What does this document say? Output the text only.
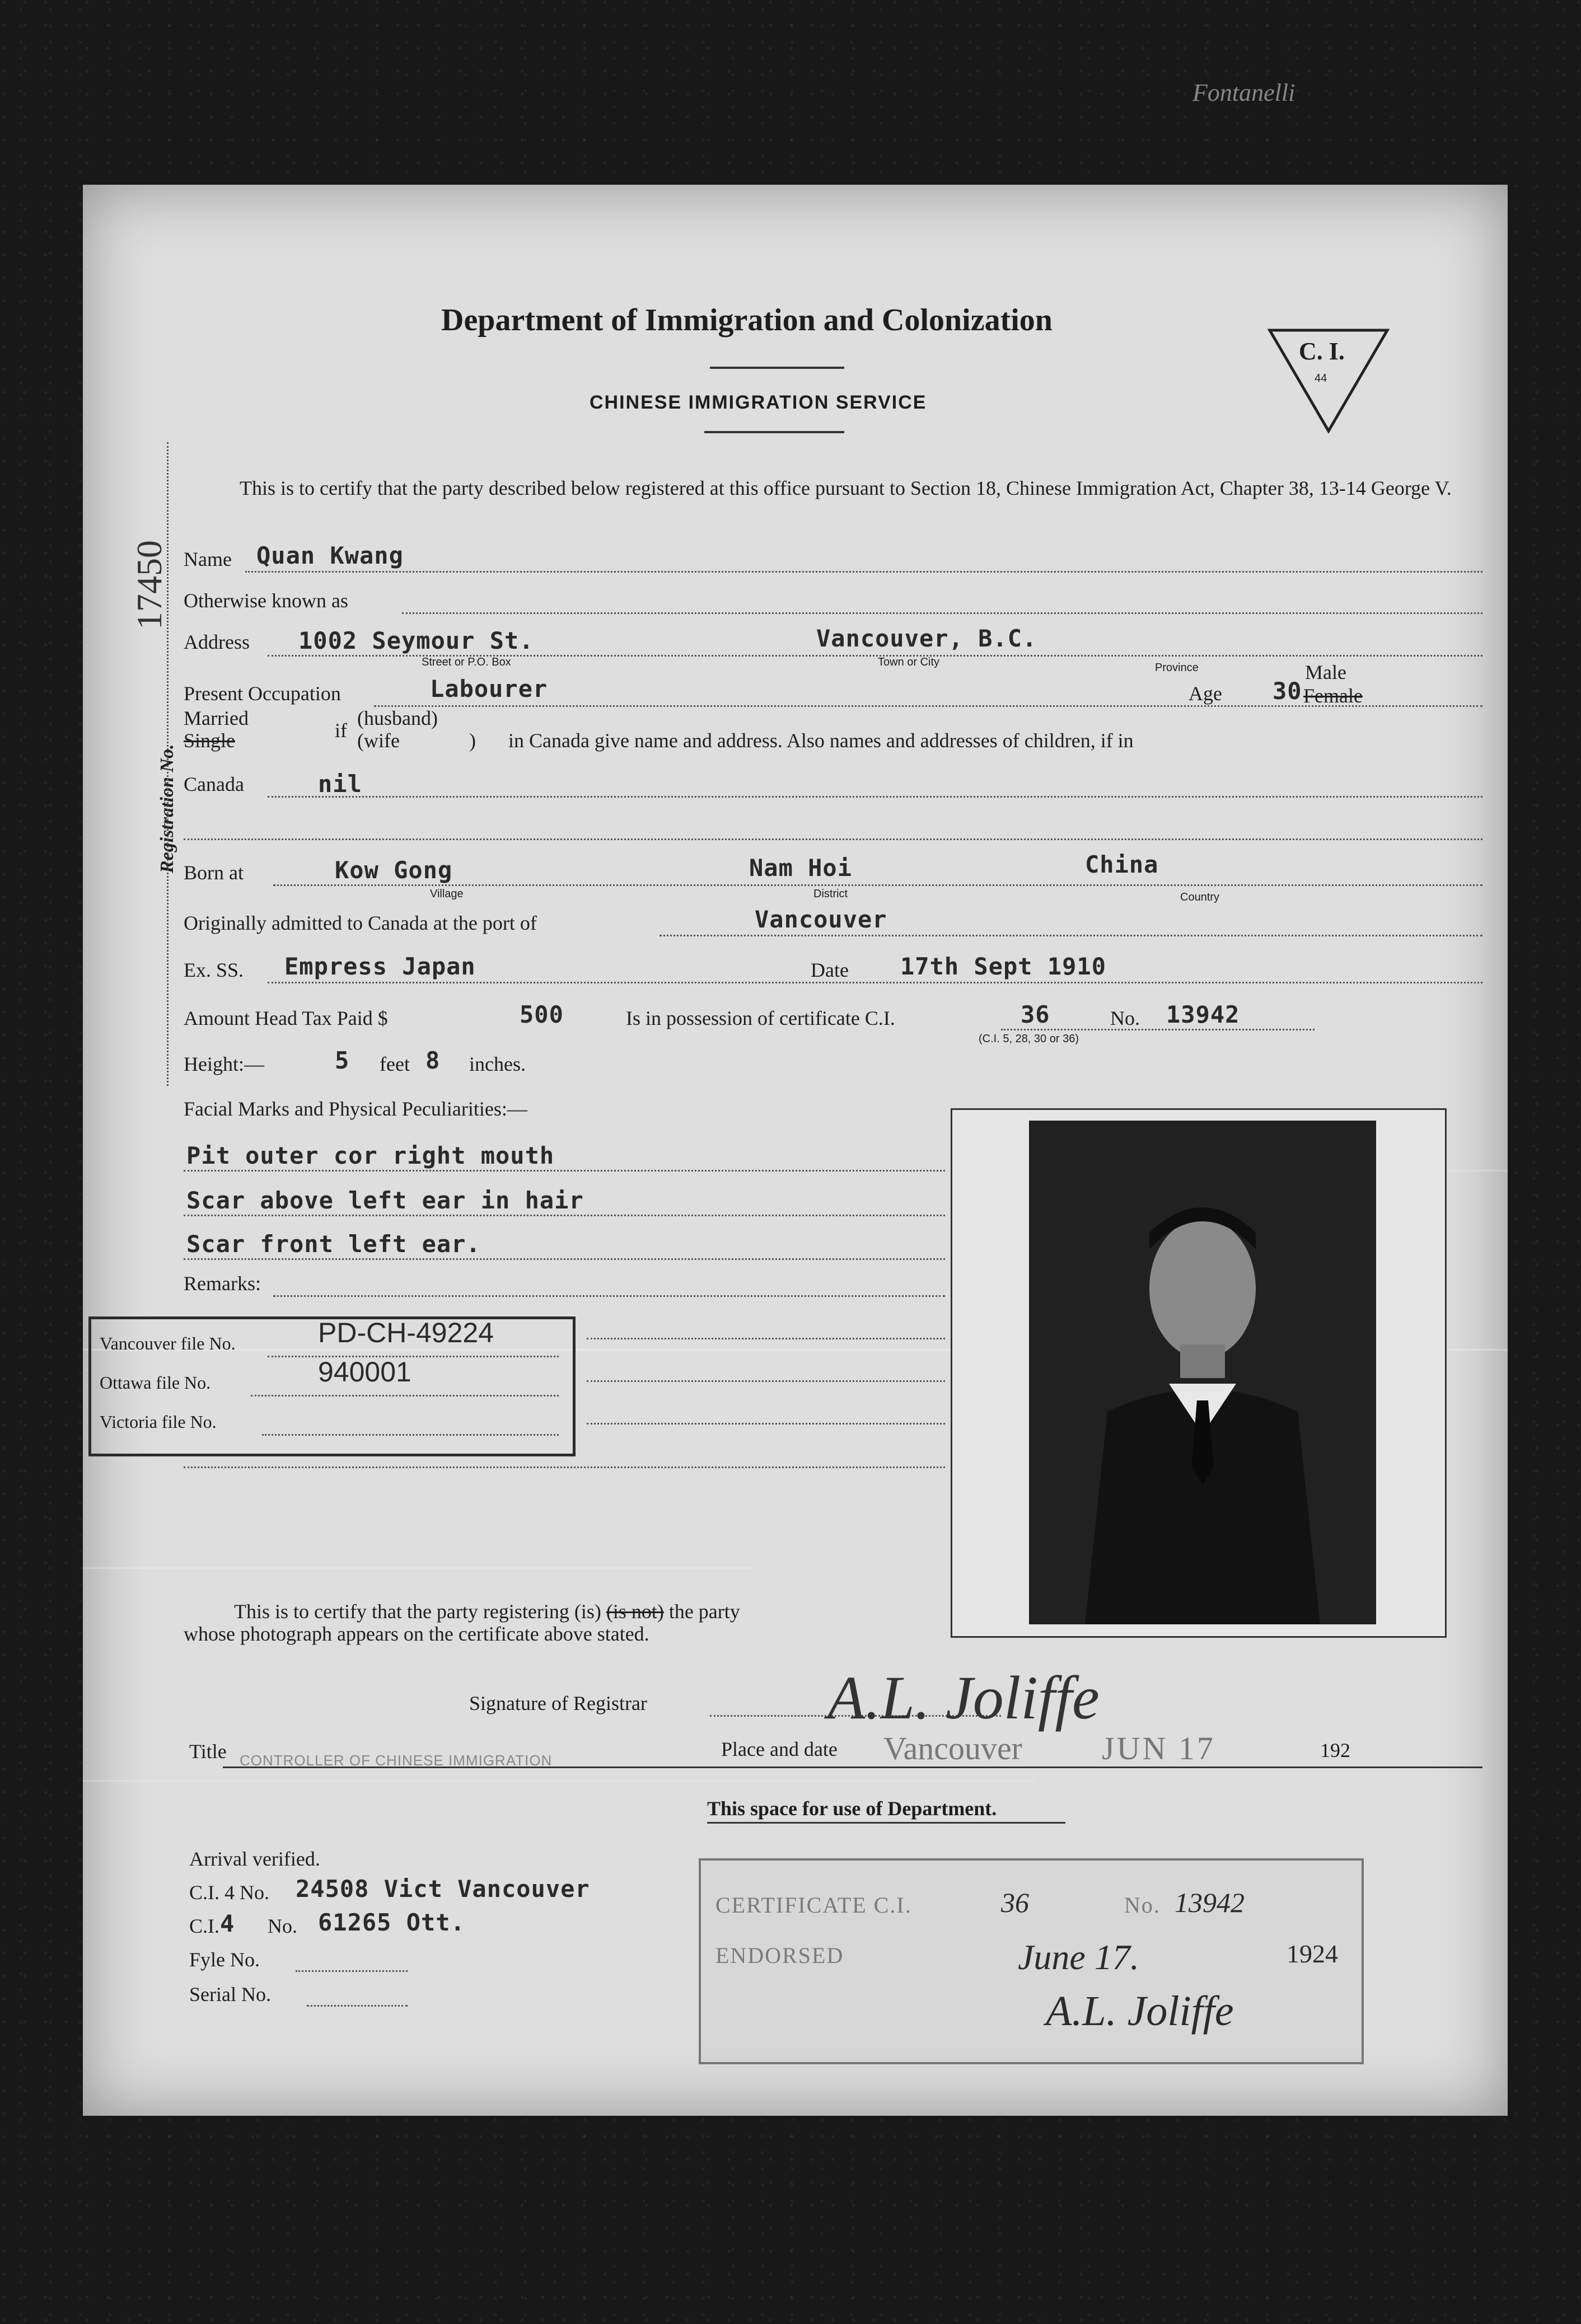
Fontanelli
Department of Immigration and Colonization
CHINESE IMMIGRATION SERVICE
C. I.
44
Registration No.
17450
This is to certify that the party described below registered at this office pursuant to Section 18, Chinese Immigration Act, Chapter 38, 13-14 George V.
Name Quan Kwang
Otherwise known as
Address 1002 Seymour St.	Vancouver, B.C.
Street or P.O. Box	Town or City	Province
Present Occupation	Labourer	Age 30
Male
Female
Married
Single	if
(husband)
(wife	) in Canada give name and address. Also names and addresses of children, if in
Canada	nil
Born at	Kow Gong	Nam Hoi	China
Village	District	Country
Originally admitted to Canada at the port of	Vancouver
Ex. SS. Empress Japan	Date 17th Sept 1910
Amount Head Tax Paid $	500	Is in possession of certificate C.I.	36	No. 13942
(C.I. 5, 28, 30 or 36)
Height:—	5 feet 8 inches.
Facial Marks and Physical Peculiarities:—
Pit outer cor right mouth
Scar above left ear in hair
Scar front left ear.
Remarks:
Vancouver file No.	PD-CH-49224
Ottawa file No.	940001
Victoria file No.
This is to certify that the party registering (is) (is not) the party
whose photograph appears on the certificate above stated.
Signature of Registrar	A.L. Joliffe
Title CONTROLLER OF CHINESE IMMIGRATION	Place and date Vancouver JUN 17	192
This space for use of Department.
Arrival verified.
C.I. 4 No. 24508 Vict Vancouver
C.I. 4 No. 61265 Ott.
Fyle No.
Serial No.
CERTIFICATE C.I.	36	No. 13942
ENDORSED	June 17.	1924
A.L. Joliffe
